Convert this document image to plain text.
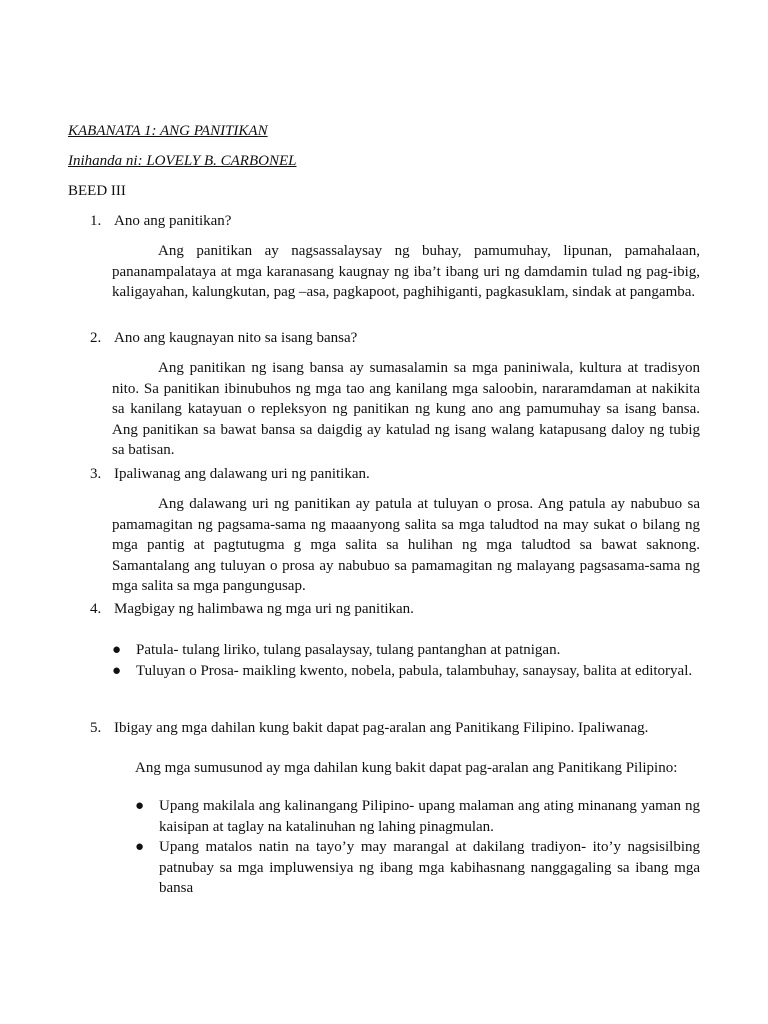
KABANATA 1: ANG PANITIKAN
Inihanda ni: LOVELY B. CARBONEL
BEED III
1. Ano ang panitikan?

Ang panitikan ay nagsassalaysay ng buhay, pamumuhay, lipunan, pamahalaan, pananampalataya at mga karanasang kaugnay ng iba’t ibang uri ng damdamin tulad ng pag-ibig, kaligayahan, kalungkutan, pag –asa, pagkapoot, paghihiganti, pagkasuklam, sindak at pangamba.

2. Ano ang kaugnayan nito sa isang bansa?

Ang panitikan ng isang bansa ay sumasalamin sa mga paniniwala, kultura at tradisyon nito. Sa panitikan ibinubuhos ng mga tao ang kanilang mga saloobin, nararamdaman at nakikita sa kanilang katayuan o repleksyon ng panitikan ng kung ano ang pamumuhay sa isang bansa. Ang panitikan sa bawat bansa sa daigdig ay katulad ng isang walang katapusang daloy ng tubig sa batisan.

3. Ipaliwanag ang dalawang uri ng panitikan.

Ang dalawang uri ng panitikan ay patula at tuluyan o prosa. Ang patula ay nabubuo sa pamamagitan ng pagsama-sama ng maaanyong salita sa mga taludtod na may sukat o bilang ng mga pantig at pagtutugma g mga salita sa hulihan ng mga taludtod sa bawat saknong. Samantalang ang tuluyan o prosa ay nabubuo sa pamamagitan ng malayang pagsasama-sama ng mga salita sa mga pangungusap.

4. Magbigay ng halimbawa ng mga uri ng panitikan.
● Patula- tulang liriko, tulang pasalaysay, tulang pantanghan at patnigan.
● Tuluyan o Prosa- maikling kwento, nobela, pabula, talambuhay, sanaysay, balita at editoryal.
5. Ibigay ang mga dahilan kung bakit dapat pag-aralan ang Panitikang Filipino. Ipaliwanag.

Ang mga sumusunod ay mga dahilan kung bakit dapat pag-aralan ang Panitikang Pilipino:

● Upang makilala ang kalinangang Pilipino- upang malaman ang ating minanang yaman ng kaisipan at taglay na katalinuhan ng lahing pinagmulan.
● Upang matalos natin na tayo’y may marangal at dakilang tradiyon- ito’y nagsisilbing patnubay sa mga impluwensiya ng ibang mga kabihasnang nanggagaling sa ibang mga bansa
